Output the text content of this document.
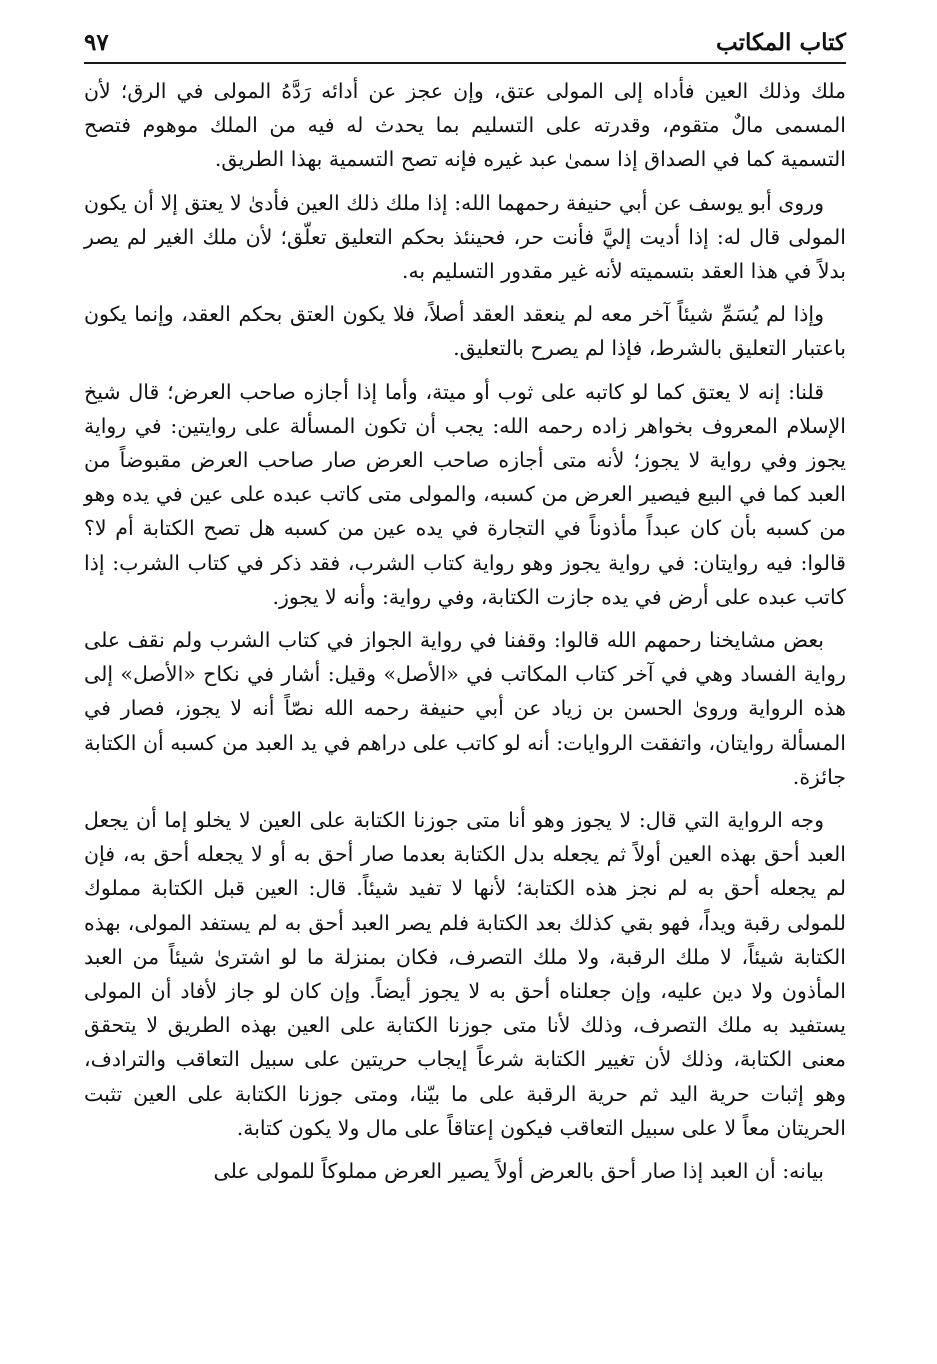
كتاب المكاتب
٩٧

ملك وذلك العين فأداه إلى المولى عتق، وإن عجز عن أدائه رَدَّهُ المولى في الرق؛ لأن المسمى مالٌ متقوم، وقدرته على التسليم بما يحدث له فيه من الملك موهوم فتصح التسمية كما في الصداق إذا سمىٰ عبد غيره فإنه تصح التسمية بهذا الطريق.

وروى أبو يوسف عن أبي حنيفة رحمهما الله: إذا ملك ذلك العين فأدىٰ لا يعتق إلا أن يكون المولى قال له: إذا أديت إليَّ فأنت حر، فحينئذ بحكم التعليق تعلّق؛ لأن ملك الغير لم يصر بدلاً في هذا العقد بتسميته لأنه غير مقدور التسليم به.

وإذا لم يُسَمِّ شيئاً آخر معه لم ينعقد العقد أصلاً، فلا يكون العتق بحكم العقد، وإنما يكون باعتبار التعليق بالشرط، فإذا لم يصرح بالتعليق.

قلنا: إنه لا يعتق كما لو كاتبه على ثوب أو ميتة، وأما إذا أجازه صاحب العرض؛ قال شيخ الإسلام المعروف بخواهر زاده رحمه الله: يجب أن تكون المسألة على روايتين: في رواية يجوز وفي رواية لا يجوز؛ لأنه متى أجازه صاحب العرض صار صاحب العرض مقبوضاً من العبد كما في البيع فيصير العرض من كسبه، والمولى متى كاتب عبده على عين في يده وهو من كسبه بأن كان عبداً مأذوناً في التجارة في يده عين من كسبه هل تصح الكتابة أم لا؟ قالوا: فيه روايتان: في رواية يجوز وهو رواية كتاب الشرب، فقد ذكر في كتاب الشرب: إذا كاتب عبده على أرض في يده جازت الكتابة، وفي رواية: وأنه لا يجوز.

بعض مشايخنا رحمهم الله قالوا: وقفنا في رواية الجواز في كتاب الشرب ولم نقف على رواية الفساد وهي في آخر كتاب المكاتب في «الأصل» وقيل: أشار في نكاح «الأصل» إلى هذه الرواية وروىٰ الحسن بن زياد عن أبي حنيفة رحمه الله نصّاً أنه لا يجوز، فصار في المسألة روايتان، واتفقت الروايات: أنه لو كاتب على دراهم في يد العبد من كسبه أن الكتابة جائزة.

وجه الرواية التي قال: لا يجوز وهو أنا متى جوزنا الكتابة على العين لا يخلو إما أن يجعل العبد أحق بهذه العين أولاً ثم يجعله بدل الكتابة بعدما صار أحق به أو لا يجعله أحق به، فإن لم يجعله أحق به لم نجز هذه الكتابة؛ لأنها لا تفيد شيئاً. قال: العين قبل الكتابة مملوك للمولى رقبة ويداً، فهو بقي كذلك بعد الكتابة فلم يصر العبد أحق به لم يستفد المولى، بهذه الكتابة شيئاً، لا ملك الرقبة، ولا ملك التصرف، فكان بمنزلة ما لو اشترىٰ شيئاً من العبد المأذون ولا دين عليه، وإن جعلناه أحق به لا يجوز أيضاً. وإن كان لو جاز لأفاد أن المولى يستفيد به ملك التصرف، وذلك لأنا متى جوزنا الكتابة على العين بهذه الطريق لا يتحقق معنى الكتابة، وذلك لأن تغيير الكتابة شرعاً إيجاب حريتين على سبيل التعاقب والترادف، وهو إثبات حرية اليد ثم حرية الرقبة على ما بيّنا، ومتى جوزنا الكتابة على العين تثبت الحريتان معاً لا على سبيل التعاقب فيكون إعتاقاً على مال ولا يكون كتابة.

بيانه: أن العبد إذا صار أحق بالعرض أولاً يصير العرض مملوكاً للمولى على
